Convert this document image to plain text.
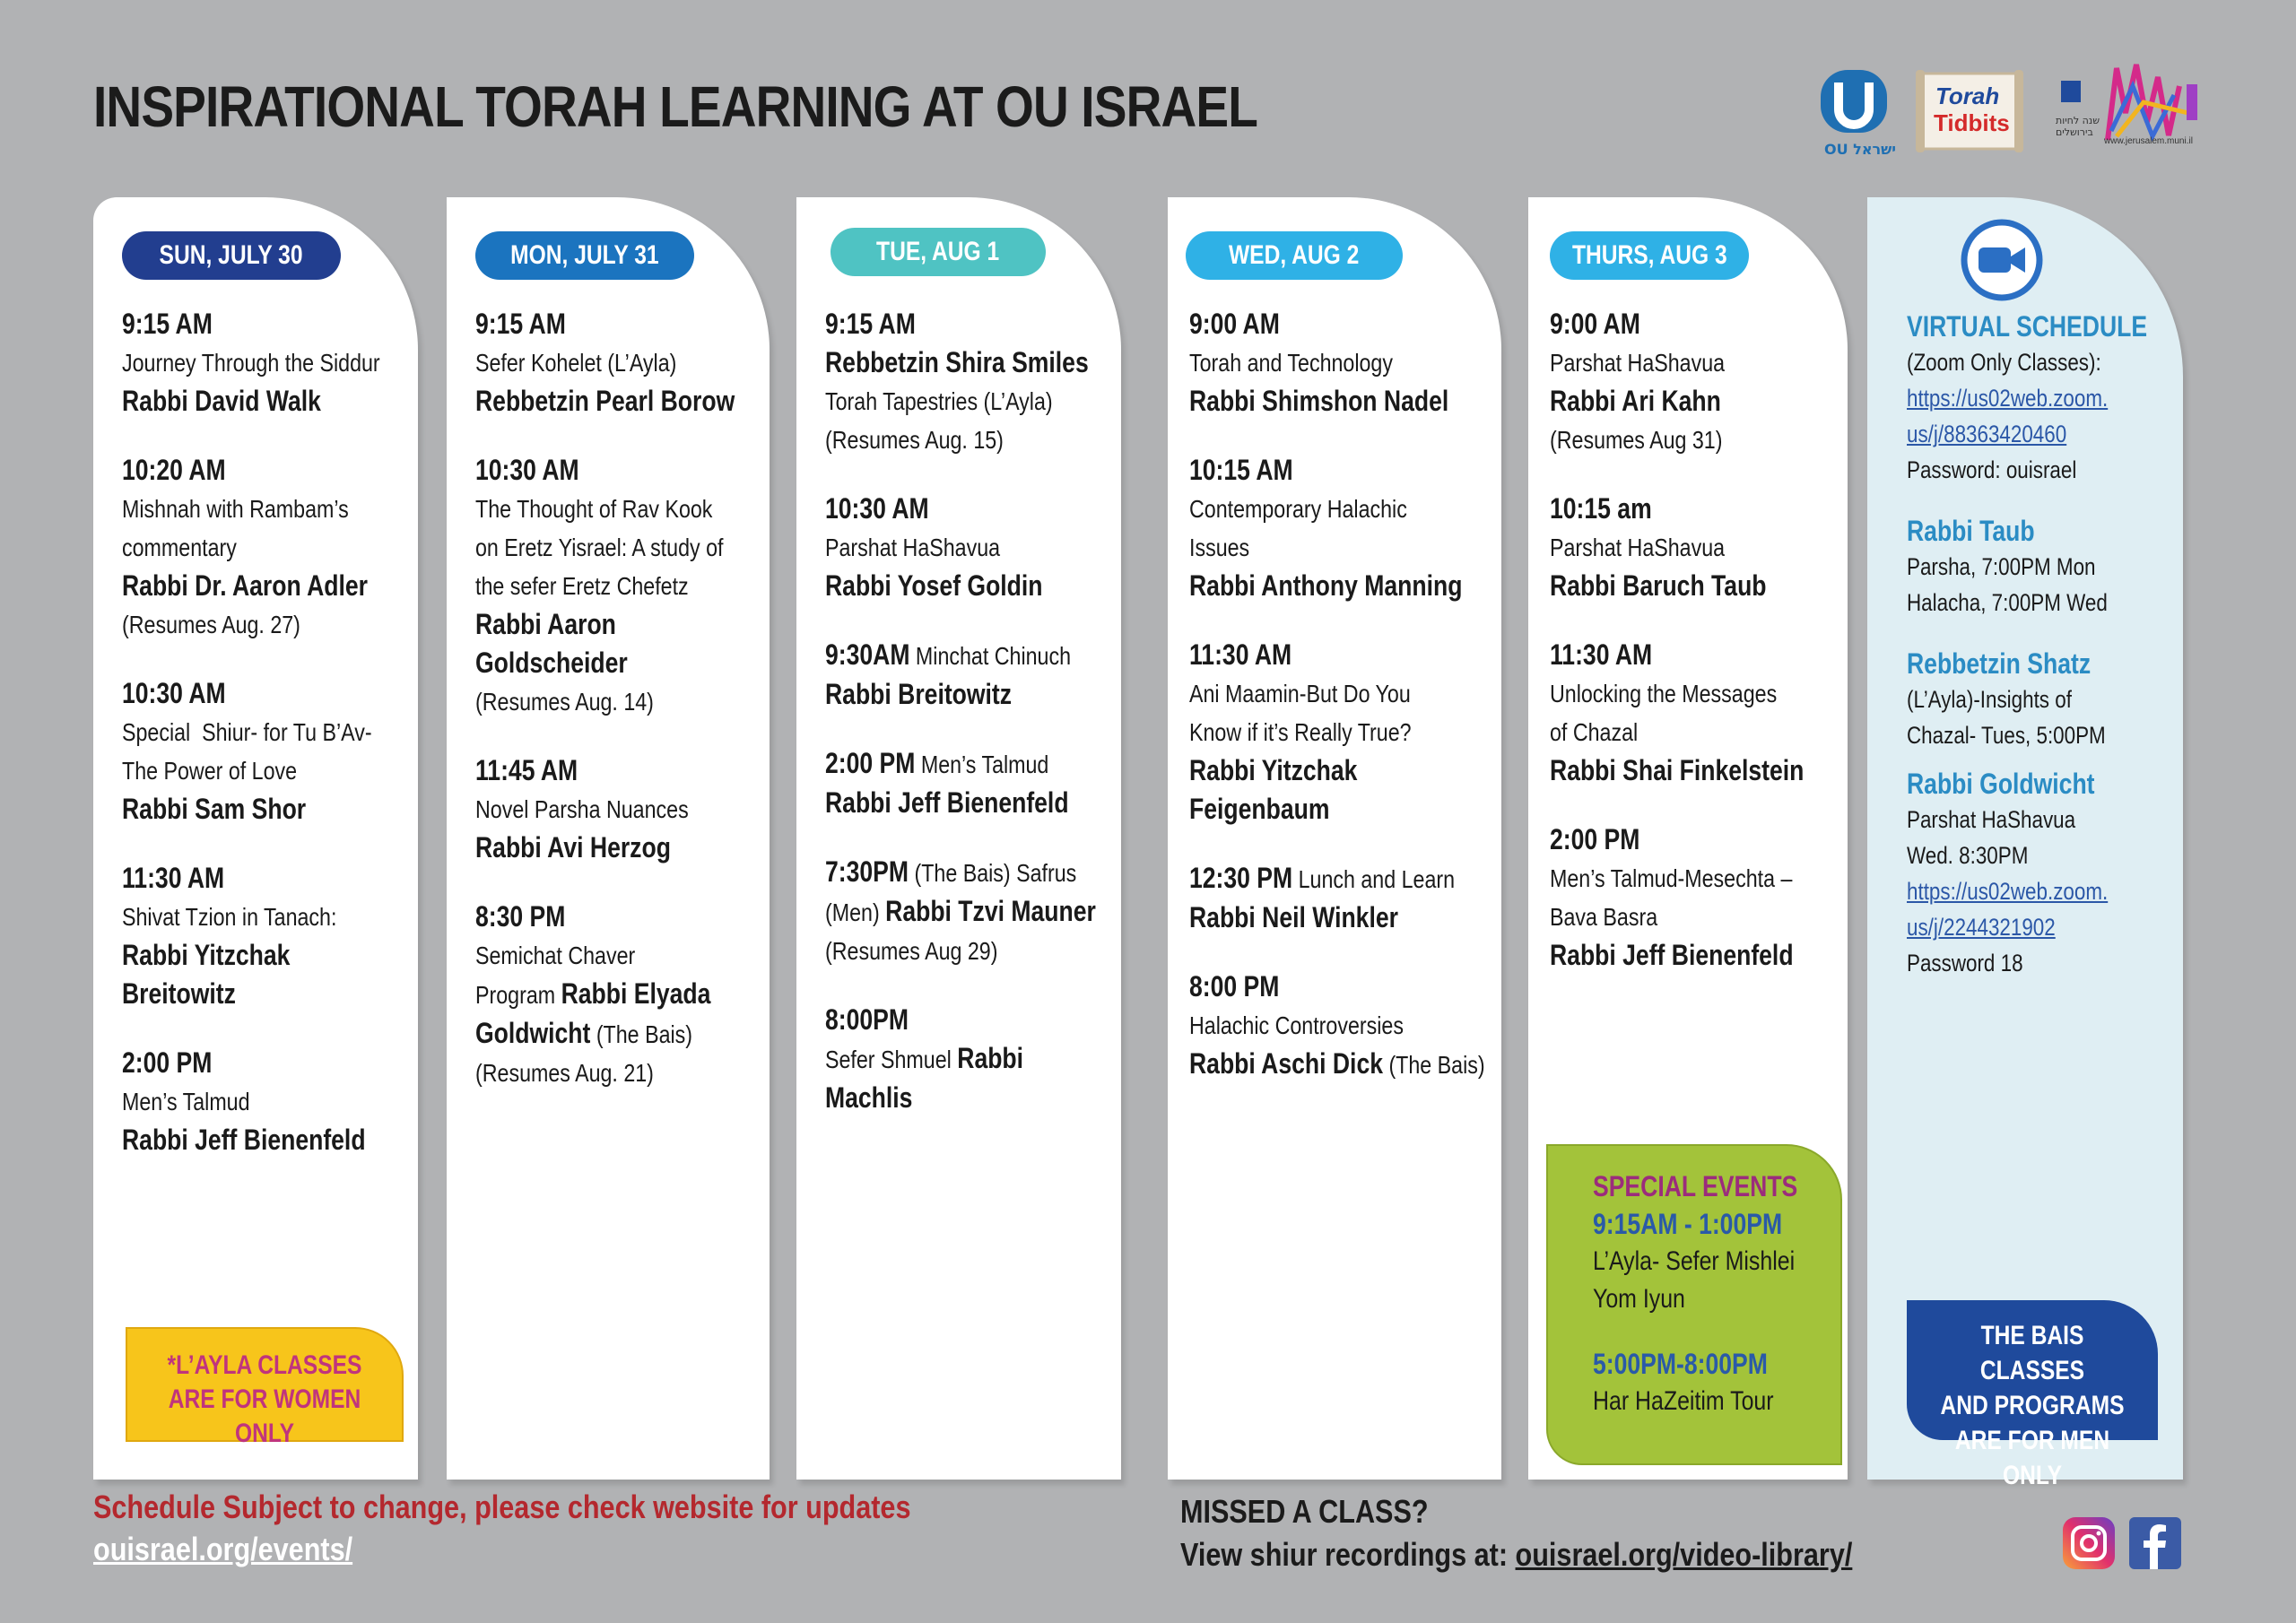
INSPIRATIONAL TORAH LEARNING AT OU ISRAEL
OU ישראל
Torah
Tidbits	שנה לחיות
בירושלים
www.jerusalem.muni.il
SUN, JULY 30
9:15 AM
Journey Through the Siddur
Rabbi David Walk
10:20 AM
Mishnah with Rambam’s
commentary
Rabbi Dr. Aaron Adler
(Resumes Aug. 27)
10:30 AM
Special  Shiur- for Tu B’Av-
The Power of Love
Rabbi Sam Shor
11:30 AM
Shivat Tzion in Tanach:
Rabbi Yitzchak
Breitowitz
2:00 PM
Men’s Talmud
Rabbi Jeff Bienenfeld
*L’AYLA CLASSES
ARE FOR WOMEN ONLY
MON, JULY 31
9:15 AM
Sefer Kohelet (L’Ayla)
Rebbetzin Pearl Borow
10:30 AM
The Thought of Rav Kook
on Eretz Yisrael: A study of
the sefer Eretz Chefetz
Rabbi Aaron Goldscheider
(Resumes Aug. 14)
11:45 AM
Novel Parsha Nuances
Rabbi Avi Herzog
8:30 PM
Semichat Chaver
Program Rabbi Elyada
Goldwicht (The Bais)
(Resumes Aug. 21)
TUE, AUG 1
9:15 AM
Rebbetzin Shira Smiles
Torah Tapestries (L’Ayla)
(Resumes Aug. 15)
10:30 AM
Parshat HaShavua
Rabbi Yosef Goldin
9:30AM Minchat Chinuch
Rabbi Breitowitz
2:00 PM Men’s Talmud
Rabbi Jeff Bienenfeld
7:30PM (The Bais) Safrus
(Men) Rabbi Tzvi Mauner
(Resumes Aug 29)
8:00PM
Sefer Shmuel Rabbi Machlis
WED, AUG 2
9:00 AM
Torah and Technology
Rabbi Shimshon Nadel
10:15 AM
Contemporary Halachic
Issues
Rabbi Anthony Manning
11:30 AM
Ani Maamin-But Do You
Know if it’s Really True?
Rabbi Yitzchak
Feigenbaum
12:30 PM Lunch and Learn
Rabbi Neil Winkler
8:00 PM
Halachic Controversies
Rabbi Aschi Dick (The Bais)
THURS, AUG 3
9:00 AM
Parshat HaShavua
Rabbi Ari Kahn
(Resumes Aug 31)
10:15 am
Parshat HaShavua
Rabbi Baruch Taub
11:30 AM
Unlocking the Messages
of Chazal
Rabbi Shai Finkelstein
2:00 PM
Men’s Talmud-Mesechta –
Bava Basra
Rabbi Jeff Bienenfeld
SPECIAL EVENTS
9:15AM - 1:00PM
L’Ayla- Sefer Mishlei
Yom Iyun
5:00PM-8:00PM
Har HaZeitim Tour
VIRTUAL SCHEDULE
(Zoom Only Classes):
https://us02web.zoom.
us/j/88363420460
Password: ouisrael
Rabbi Taub
Parsha, 7:00PM Mon
Halacha, 7:00PM Wed
Rebbetzin Shatz
(L’Ayla)-Insights of
Chazal- Tues, 5:00PM
Rabbi Goldwicht
Parshat HaShavua
Wed. 8:30PM
https://us02web.zoom.
us/j/2244321902
Password 18
THE BAIS CLASSES
AND PROGRAMS
ARE FOR MEN ONLY
Schedule Subject to change, please check website for updates
ouisrael.org/events/
MISSED A CLASS?
View shiur recordings at: ouisrael.org/video-library/
